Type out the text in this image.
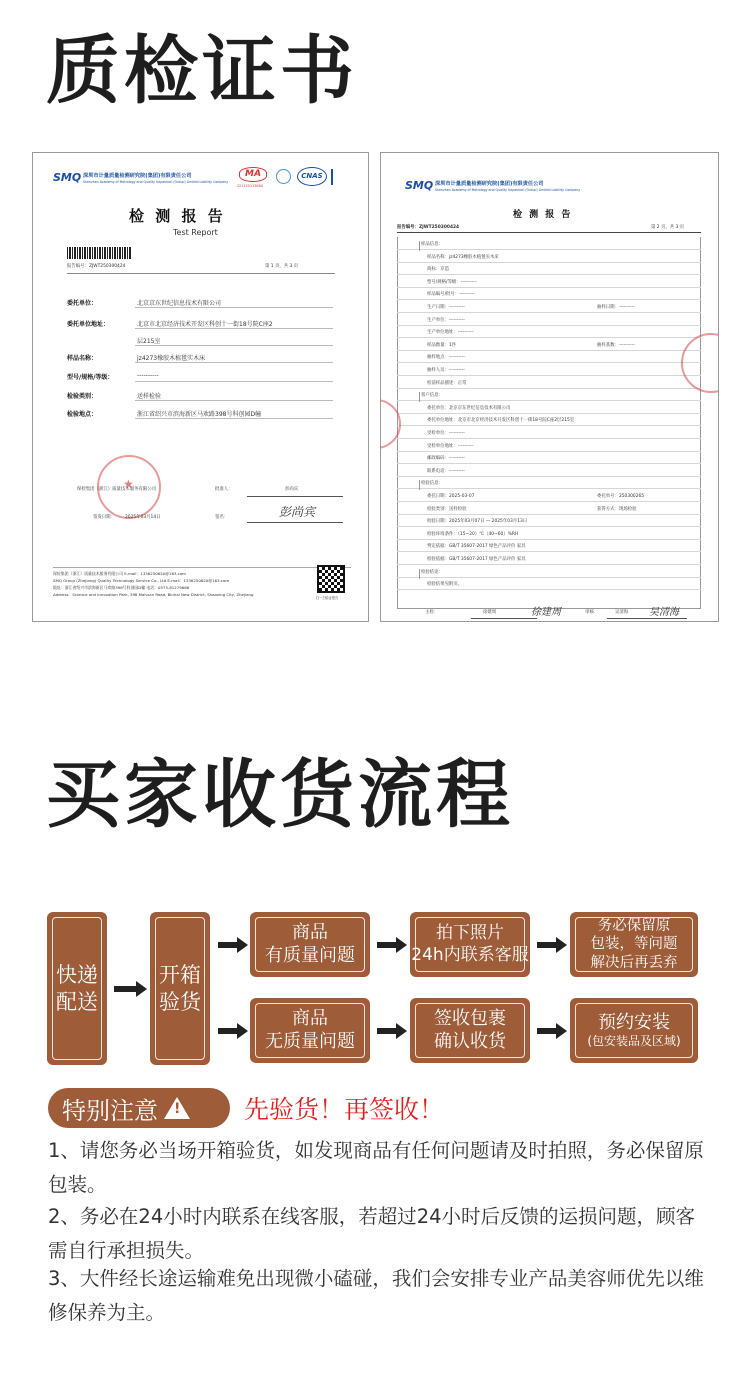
质检证书
SMQ 深圳市计量质量检测研究院(集团)有限责任公司
Shenzhen Academy of Metrology and Quality Inspection (Group) Limited Liability Company
MA
221120113684
CNAS
检 测 报 告
Test Report
报告编号：ZJWT250300424	第 1 页，共 3 页
委托单位：	北京京东世纪信息技术有限公司
委托单位地址：	北京市北京经济技术开发区科创十一街18号院C座2
层215室
样品名称：	jz4273橡胶木植毯实木床
型号/规格/等级：	----------
检验类别：	送样检验
检验地点：	浙江省绍兴市滨海新区马欢路398号科创园D幢
★
保检集团（浙江）质量技术服务有限公司	批准人：	彭尚宾
签发日期： 2025年03月14日	签名：	彭尚宾
保检集团（浙江）质量技术服务有限公司 E-mail：1336250620@163.com
SMQ Group (Zhejiang) Quality Technology Service Co., Ltd E-mail：1336250620@163.com
地址：浙江省绍兴市滨海新区马欢路398号科创园D幢 电话：0575-81279666
Address：Science and Innovation Park, 398 Mahuan Road, Binhai New District, Shaoxing City, Zhejiang
扫一扫验证报告
SMQ 深圳市计量质量检测研究院(集团)有限责任公司
Shenzhen Academy of Metrology and Quality Inspection (Group) Limited Liability Company
检 测 报 告
报告编号：ZJWT250300424	第 2 页，共 3 页
样品信息：
样品名称：jz4273橡胶木植毯实木床
商标：京造
型号/规格/等级：----------
样品编号/批号：----------
生产日期：----------	抽样日期：----------
生产单位：----------
生产单位地址：----------
样品数量：1件	抽样基数：----------
抽样地点：----------
抽样人员：----------
检前样品描述：正常
客户信息：
委托单位：北京京东世纪信息技术有限公司
委托单位地址：北京市北京经济技术开发区科创十一街18号院C座2层215室
受检单位：----------
受检单位地址：----------
邮政编码：----------
联系电话：----------
检验信息：
委托日期：2025-03-07	委托单号：250300265
检验类别：送样检验	获得方式：现场检验
检验日期：2025年03月07日 — 2025年03月13日
检验环境条件：（15~20）℃（40~60）%RH
判定依据：GB/T 35607-2017 绿色产品评价 家具
检验依据：GB/T 35607-2017 绿色产品评价 家具
检验结论：
检验结果见附页。
主检：	徐建周	徐建周	审核：	吴清海 吴清海
买家收货流程
快递
配送
开箱
验货
商品
有质量问题
拍下照片
24h内联系客服
务必保留原
包装，等问题
解决后再丢弃
商品
无质量问题
签收包裹
确认收货
预约安装
(包安装品及区域)
特别注意
!	先验货！再签收！
1、请您务必当场开箱验货，如发现商品有任何问题请及时拍照，务必保留原包装。
2、务必在24小时内联系在线客服，若超过24小时后反馈的运损问题，顾客需自行承担损失。
3、大件经长途运输难免出现微小磕碰，我们会安排专业产品美容师优先以维修保养为主。
